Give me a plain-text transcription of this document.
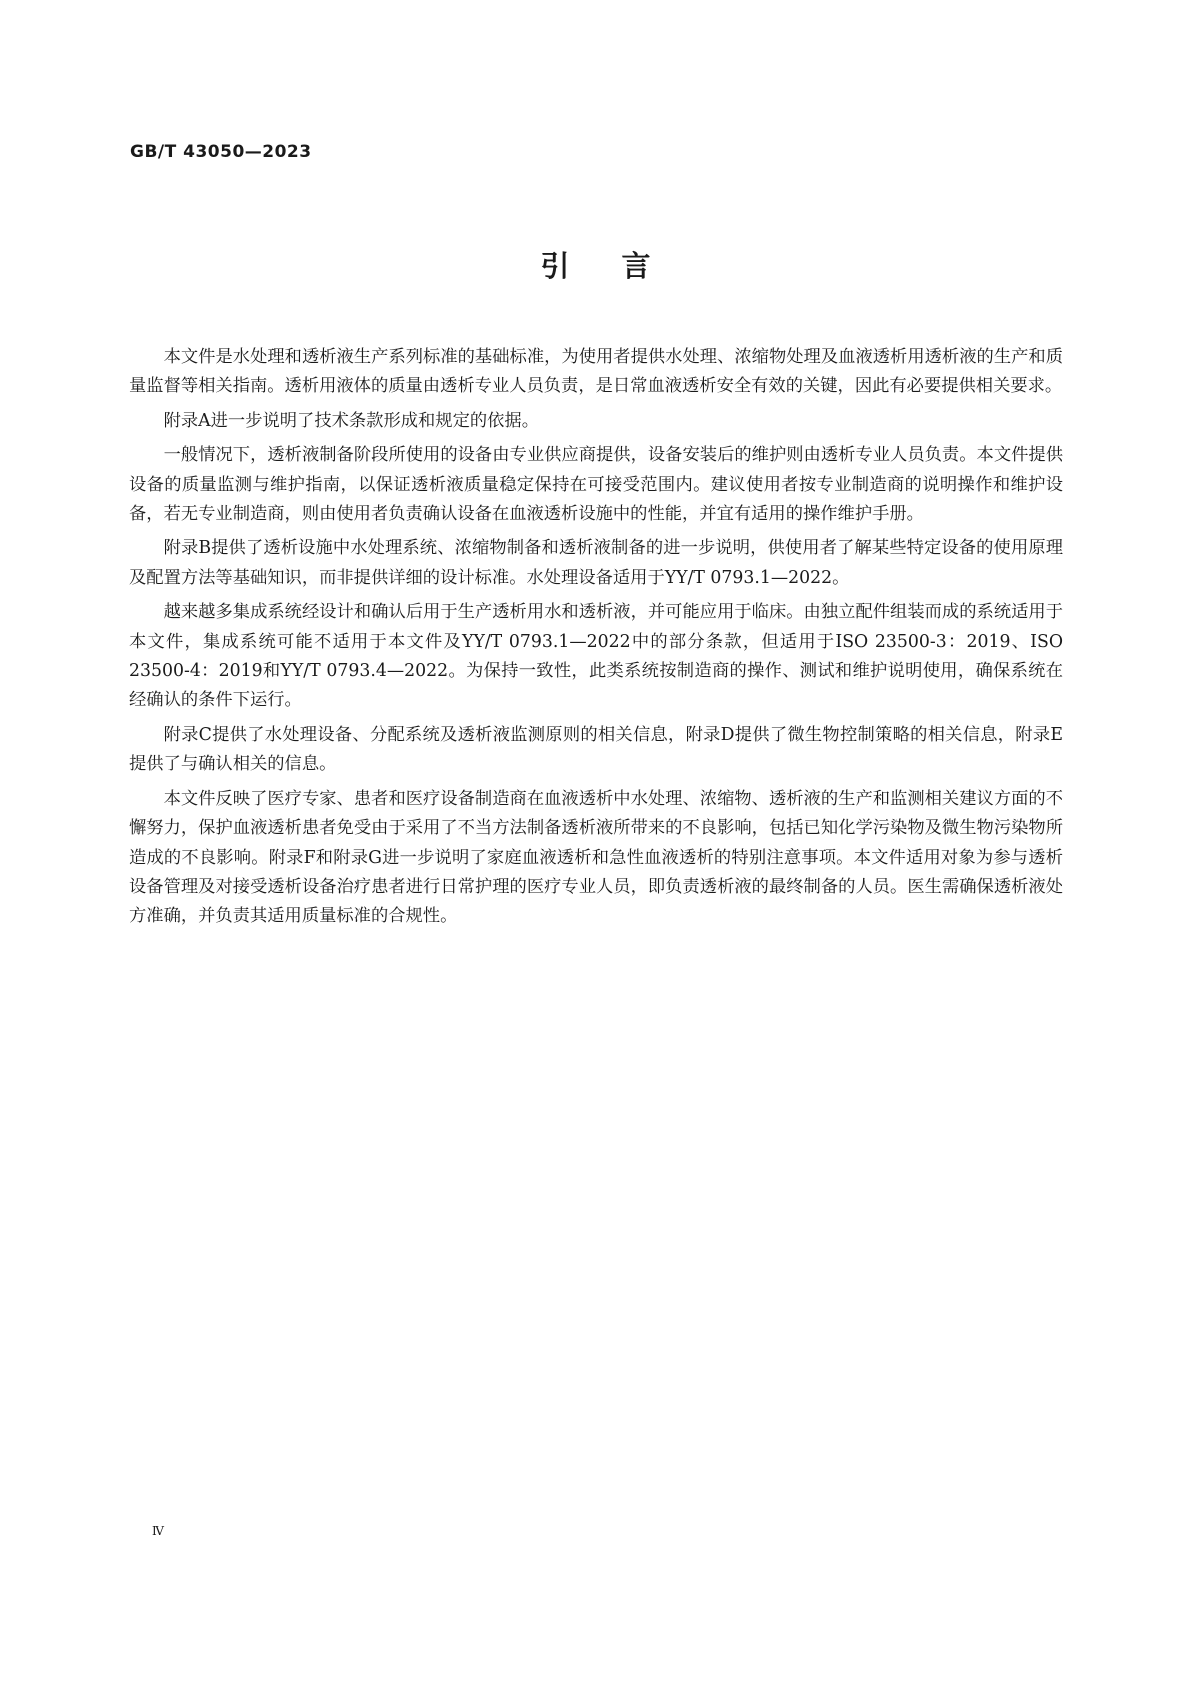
GB/T 43050—2023
引言

本文件是水处理和透析液生产系列标准的基础标准，为使用者提供水处理、浓缩物处理及血液透析用透析液的生产和质量监督等相关指南。透析用液体的质量由透析专业人员负责，是日常血液透析安全有效的关键，因此有必要提供相关要求。

附录A进一步说明了技术条款形成和规定的依据。

一般情况下，透析液制备阶段所使用的设备由专业供应商提供，设备安装后的维护则由透析专业人员负责。本文件提供设备的质量监测与维护指南，以保证透析液质量稳定保持在可接受范围内。建议使用者按专业制造商的说明操作和维护设备，若无专业制造商，则由使用者负责确认设备在血液透析设施中的性能，并宜有适用的操作维护手册。

附录B提供了透析设施中水处理系统、浓缩物制备和透析液制备的进一步说明，供使用者了解某些特定设备的使用原理及配置方法等基础知识，而非提供详细的设计标准。水处理设备适用于YY/T 0793.1—2022。

越来越多集成系统经设计和确认后用于生产透析用水和透析液，并可能应用于临床。由独立配件组装而成的系统适用于本文件，集成系统可能不适用于本文件及YY/T 0793.1—2022中的部分条款，但适用于ISO 23500-3：2019、ISO 23500-4：2019和YY/T 0793.4—2022。为保持一致性，此类系统按制造商的操作、测试和维护说明使用，确保系统在经确认的条件下运行。

附录C提供了水处理设备、分配系统及透析液监测原则的相关信息，附录D提供了微生物控制策略的相关信息，附录E提供了与确认相关的信息。

本文件反映了医疗专家、患者和医疗设备制造商在血液透析中水处理、浓缩物、透析液的生产和监测相关建议方面的不懈努力，保护血液透析患者免受由于采用了不当方法制备透析液所带来的不良影响，包括已知化学污染物及微生物污染物所造成的不良影响。附录F和附录G进一步说明了家庭血液透析和急性血液透析的特别注意事项。本文件适用对象为参与透析设备管理及对接受透析设备治疗患者进行日常护理的医疗专业人员，即负责透析液的最终制备的人员。医生需确保透析液处方准确，并负责其适用质量标准的合规性。

Ⅳ
